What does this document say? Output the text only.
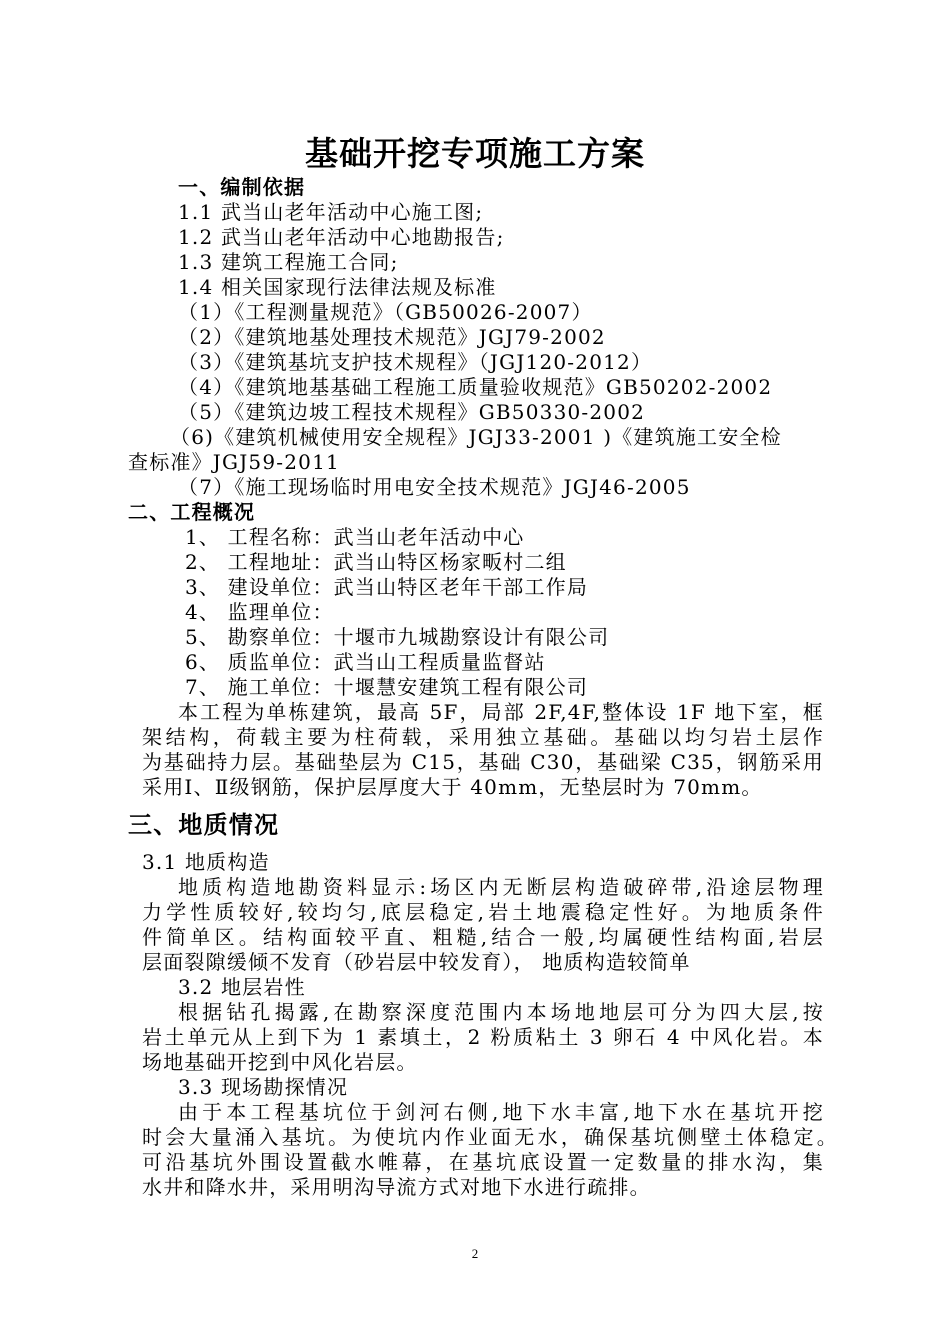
基础开挖专项施工方案
一、编制依据
1.1 武当山老年活动中心施工图;
1.2 武当山老年活动中心地勘报告;
1.3 建筑工程施工合同;
1.4 相关国家现行法律法规及标准
（1）《工程测量规范》（GB50026-2007）
（2）《建筑地基处理技术规范》JGJ79-2002
（3）《建筑基坑支护技术规程》（JGJ120-2012）
（4）《建筑地基基础工程施工质量验收规范》GB50202-2002
（5）《建筑边坡工程技术规程》GB50330-2002
（6)《建筑机械使用安全规程》JGJ33-2001 )《建筑施工安全检
查标准》JGJ59-2011
（7）《施工现场临时用电安全技术规范》JGJ46-2005
二、工程概况
1、 工程名称：武当山老年活动中心
2、 工程地址：武当山特区杨家畈村二组
3、 建设单位：武当山特区老年干部工作局
4、 监理单位：
5、 勘察单位：十堰市九城勘察设计有限公司
6、 质监单位：武当山工程质量监督站
7、 施工单位：十堰慧安建筑工程有限公司
本工程为单栋建筑，最高 5F，局部 2F,4F,整体设 1F 地下室，框
架结构，荷载主要为柱荷载，采用独立基础。基础以均匀岩土层作
为基础持力层。基础垫层为 C15，基础 C30，基础梁 C35，钢筋采用
采用Ⅰ、Ⅱ级钢筋，保护层厚度大于 40mm，无垫层时为 70mm。
三、地质情况
3.1 地质构造
地质构造地勘资料显示:场区内无断层构造破碎带,沿途层物理
力学性质较好,较均匀,底层稳定,岩土地震稳定性好。为地质条件
件简单区。结构面较平直、粗糙,结合一般,均属硬性结构面,岩层
层面裂隙缓倾不发育（砂岩层中较发育）， 地质构造较简单
3.2 地层岩性
根据钻孔揭露,在勘察深度范围内本场地地层可分为四大层,按
岩土单元从上到下为 1 素填土，2 粉质粘土 3 卵石 4 中风化岩。本
场地基础开挖到中风化岩层。
3.3 现场勘探情况
由于本工程基坑位于剑河右侧,地下水丰富,地下水在基坑开挖
时会大量涌入基坑。为使坑内作业面无水，确保基坑侧壁土体稳定。
可沿基坑外围设置截水帷幕，在基坑底设置一定数量的排水沟，集
水井和降水井，采用明沟导流方式对地下水进行疏排。
2
